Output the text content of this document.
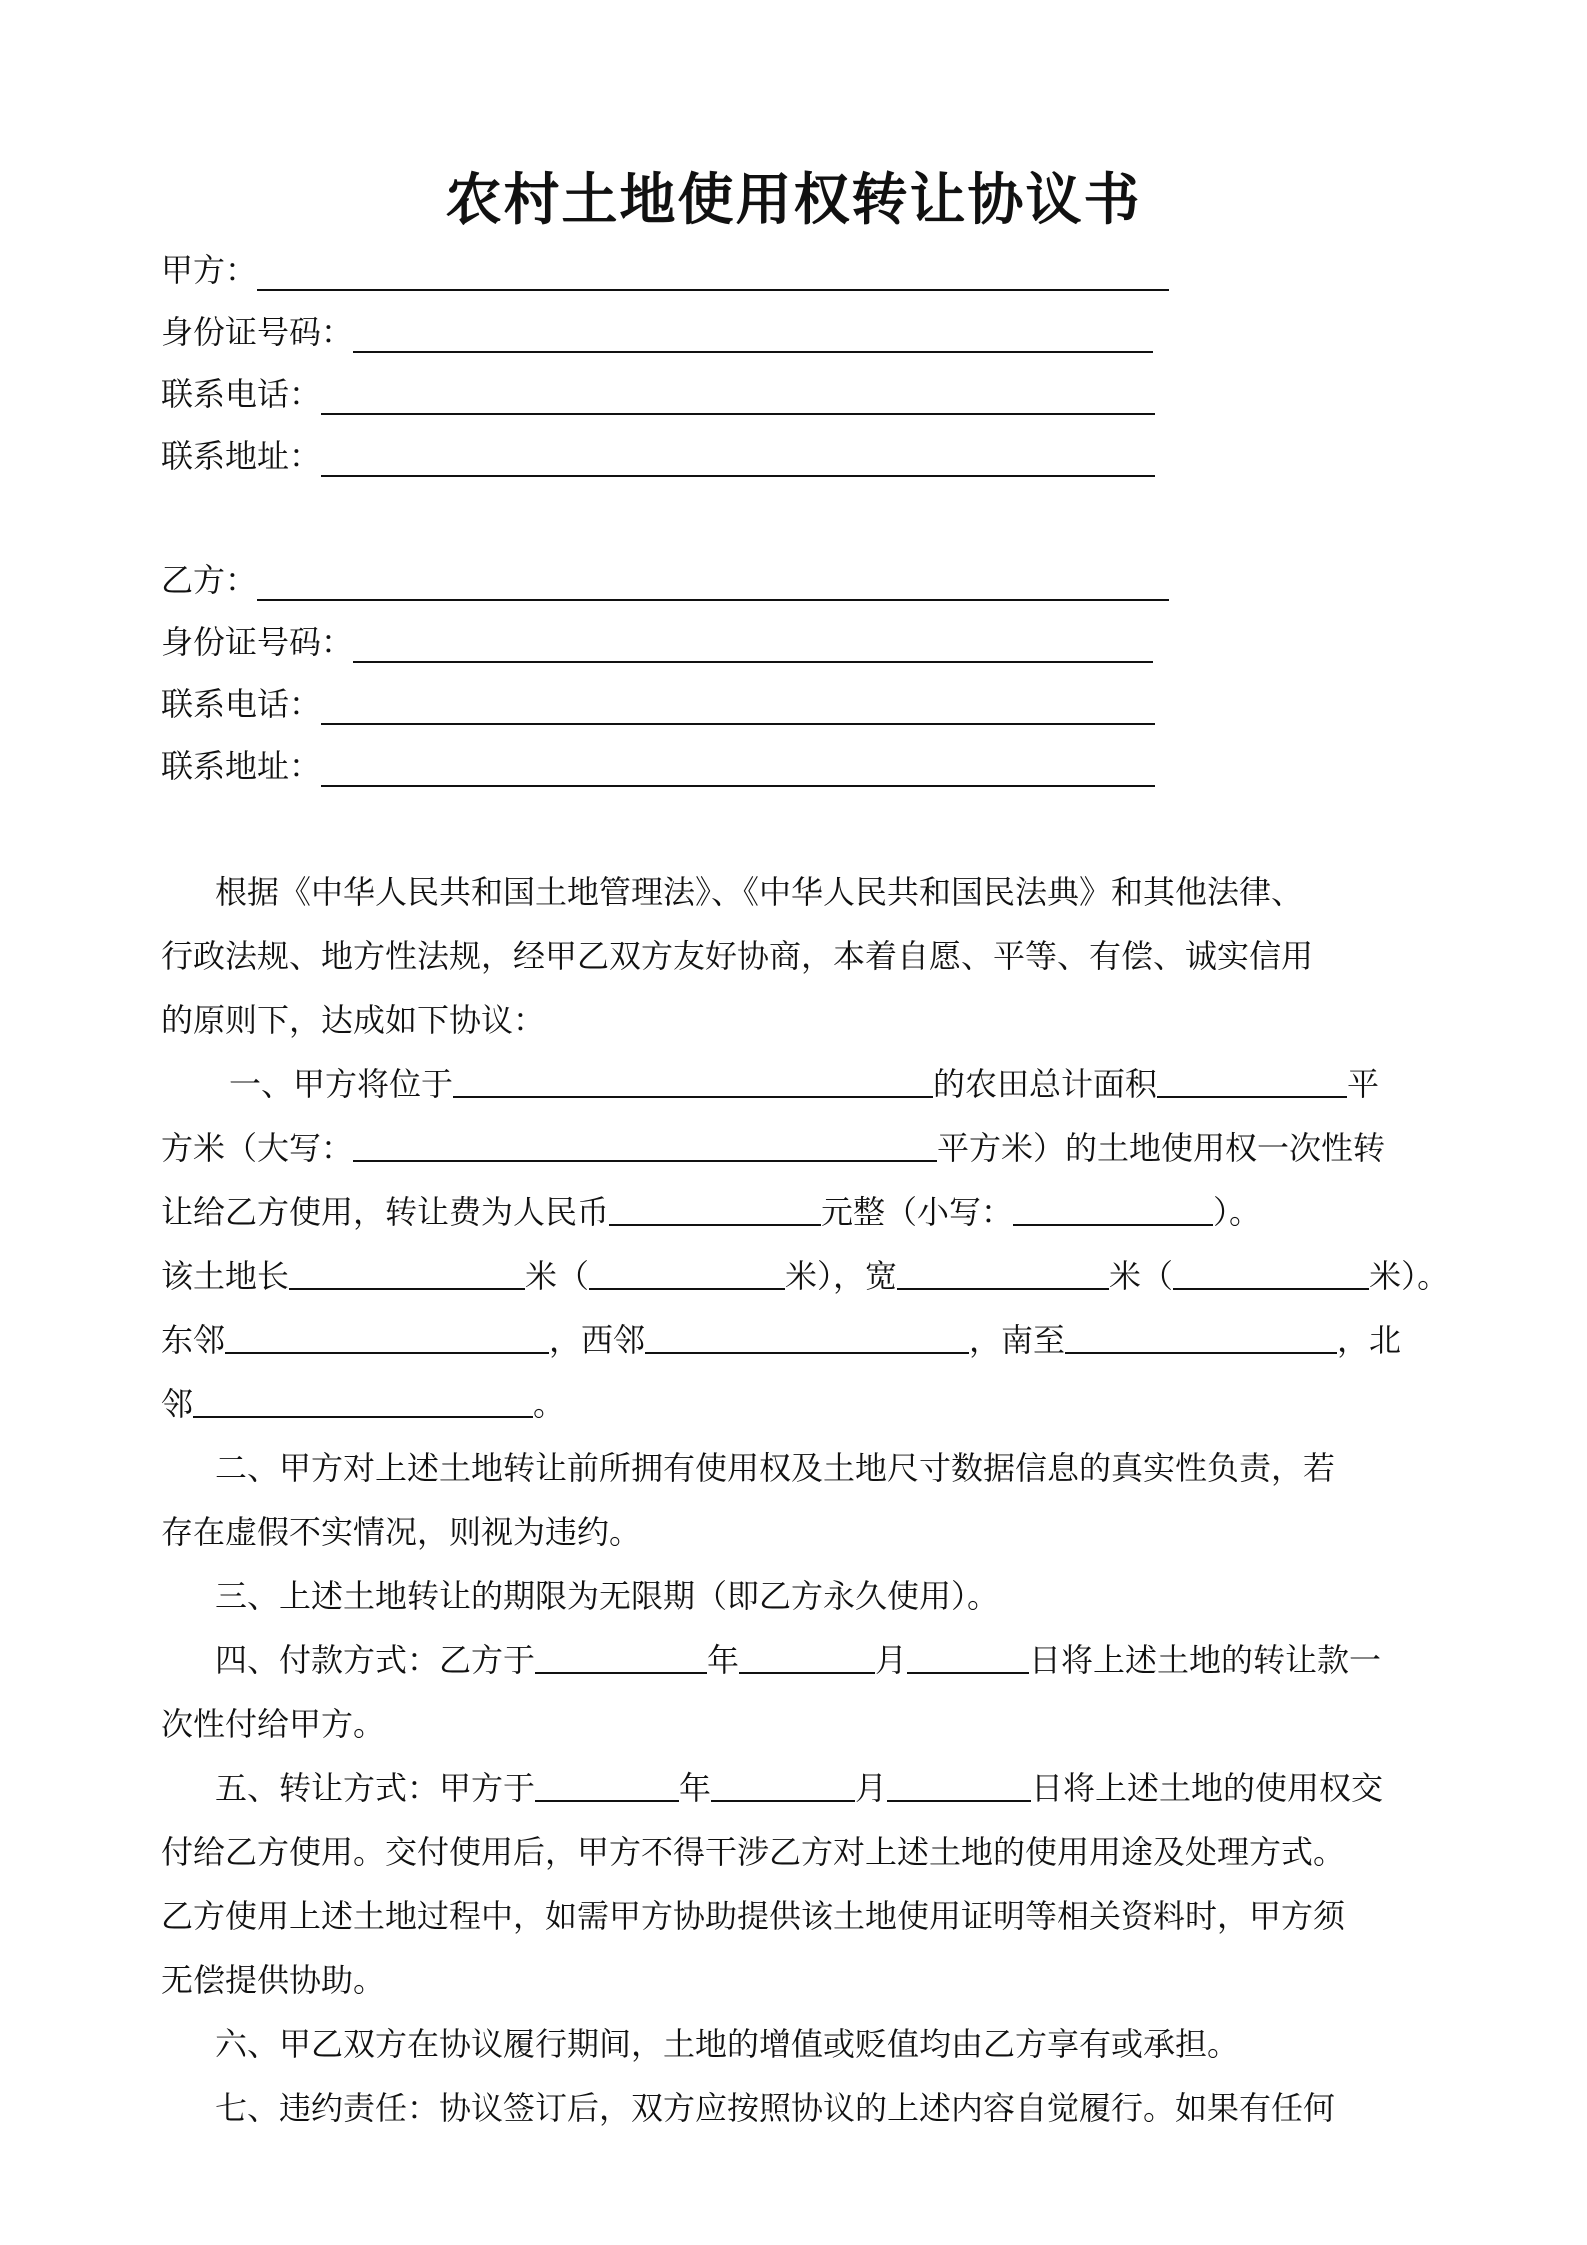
农村土地使用权转让协议书
甲方：
身份证号码：
联系电话：
联系地址：
乙方：
身份证号码：
联系电话：
联系地址：
根据《中华人民共和国土地管理法》、《中华人民共和国民法典》和其他法律、
行政法规、地方性法规，经甲乙双方友好协商，本着自愿、平等、有偿、诚实信用
的原则下，达成如下协议：
一、甲方将位于	的农田总计面积	平
方米（大写：	平方米）的土地使用权一次性转
让给乙方使用，转让费为人民币	元整（小写：	）。
该土地长	米（	米），宽	米（	米）。
东邻	，西邻	，南至	，北
邻	。
二、甲方对上述土地转让前所拥有使用权及土地尺寸数据信息的真实性负责，若
存在虚假不实情况，则视为违约。
三、上述土地转让的期限为无限期（即乙方永久使用）。
四、付款方式：乙方于	年	月	日将上述土地的转让款一
次性付给甲方。
五、转让方式：甲方于	年	月	日将上述土地的使用权交
付给乙方使用。交付使用后，甲方不得干涉乙方对上述土地的使用用途及处理方式。
乙方使用上述土地过程中，如需甲方协助提供该土地使用证明等相关资料时，甲方须
无偿提供协助。
六、甲乙双方在协议履行期间，土地的增值或贬值均由乙方享有或承担。
七、违约责任：协议签订后，双方应按照协议的上述内容自觉履行。如果有任何
